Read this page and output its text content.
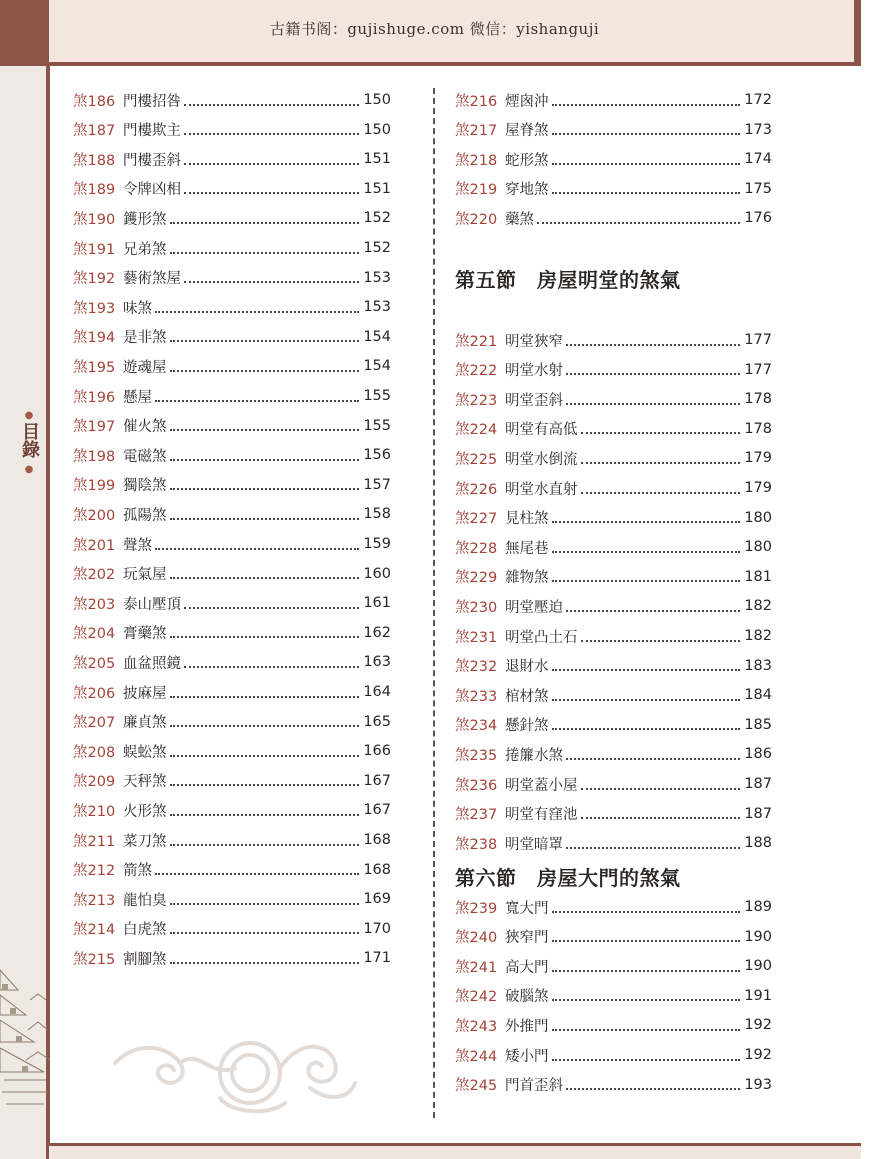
古籍书阁：gujishuge.com 微信：yishanguji
●
目錄
●
煞186 門樓招咎	150
煞187 門樓欺主	150
煞188 門樓歪斜	151
煞189 令牌凶相	151
煞190 鑊形煞	152
煞191 兄弟煞	152
煞192 藝術煞屋	153
煞193 味煞	153
煞194 是非煞	154
煞195 遊魂屋	154
煞196 懸屋	155
煞197 催火煞	155
煞198 電磁煞	156
煞199 獨陰煞	157
煞200 孤陽煞	158
煞201 聲煞	159
煞202 玩氣屋	160
煞203 泰山壓頂	161
煞204 膏藥煞	162
煞205 血盆照鏡	163
煞206 披麻屋	164
煞207 廉貞煞	165
煞208 蜈蚣煞	166
煞209 天秤煞	167
煞210 火形煞	167
煞211 菜刀煞	168
煞212 箭煞	168
煞213 龍怕臭	169
煞214 白虎煞	170
煞215 割腳煞	171
煞216 煙囪沖	172
煞217 屋脊煞	173
煞218 蛇形煞	174
煞219 穿地煞	175
煞220 藥煞	176
煞221 明堂狹窄	177
煞222 明堂水射	177
煞223 明堂歪斜	178
煞224 明堂有高低	178
煞225 明堂水倒流	179
煞226 明堂水直射	179
煞227 見柱煞	180
煞228 無尾巷	180
煞229 雜物煞	181
煞230 明堂壓迫	182
煞231 明堂凸土石	182
煞232 退財水	183
煞233 棺材煞	184
煞234 懸針煞	185
煞235 捲簾水煞	186
煞236 明堂蓋小屋	187
煞237 明堂有窪池	187
煞238 明堂暗罩	188
煞239 寬大門	189
煞240 狹窄門	190
煞241 高大門	190
煞242 破腦煞	191
煞243 外推門	192
煞244 矮小門	192
煞245 門首歪斜	193
第五節　房屋明堂的煞氣
第六節　房屋大門的煞氣
